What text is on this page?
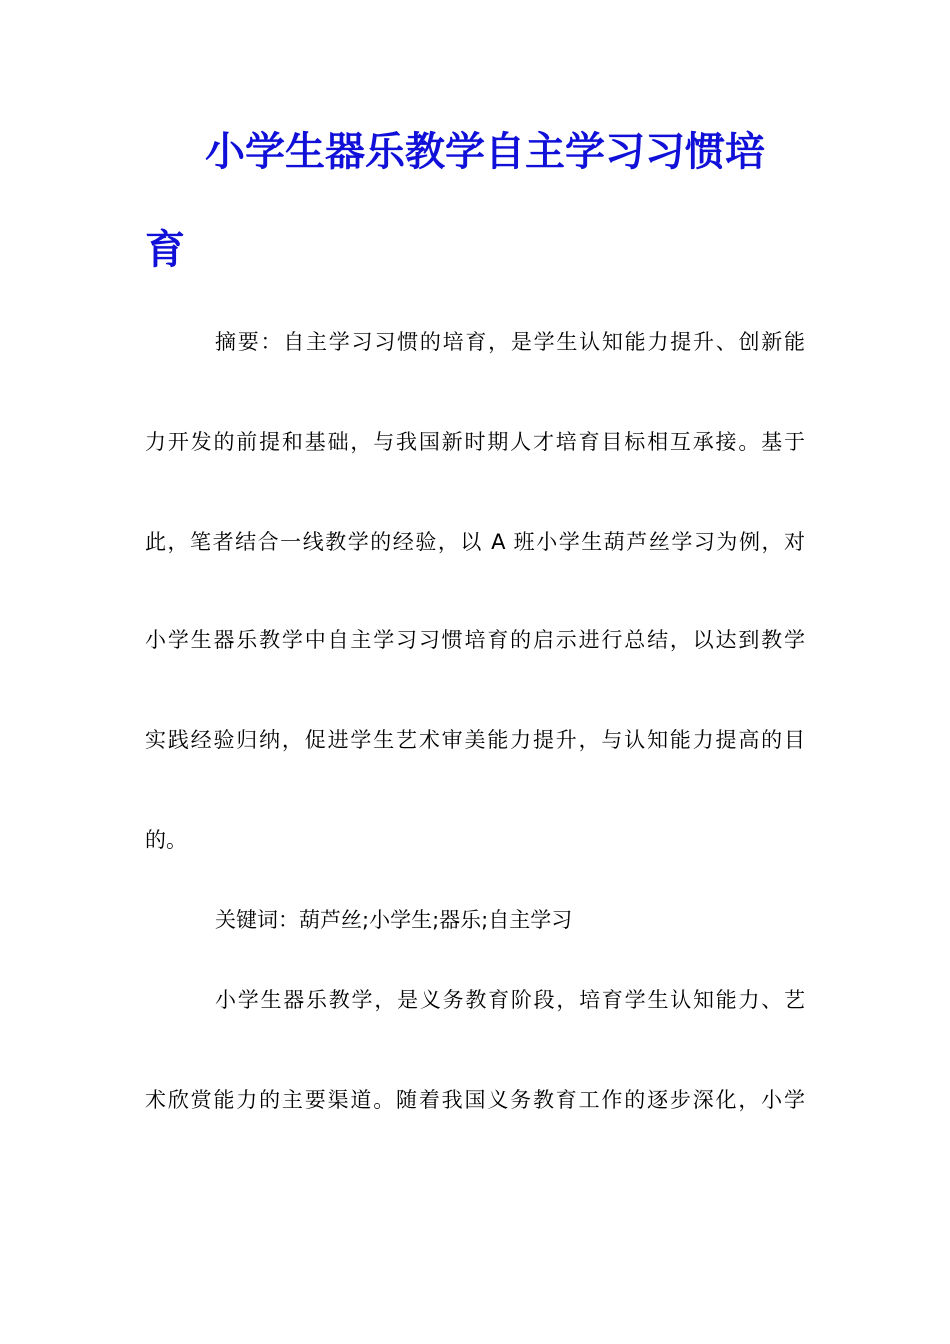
小学生器乐教学自主学习习惯培
育
摘要：自主学习习惯的培育，是学生认知能力提升、创新能
力开发的前提和基础，与我国新时期人才培育目标相互承接。基于
此，笔者结合一线教学的经验，以 A 班小学生葫芦丝学习为例，对
小学生器乐教学中自主学习习惯培育的启示进行总结，以达到教学
实践经验归纳，促进学生艺术审美能力提升，与认知能力提高的目
的。
关键词：葫芦丝;小学生;器乐;自主学习
小学生器乐教学，是义务教育阶段，培育学生认知能力、艺
术欣赏能力的主要渠道。随着我国义务教育工作的逐步深化，小学
